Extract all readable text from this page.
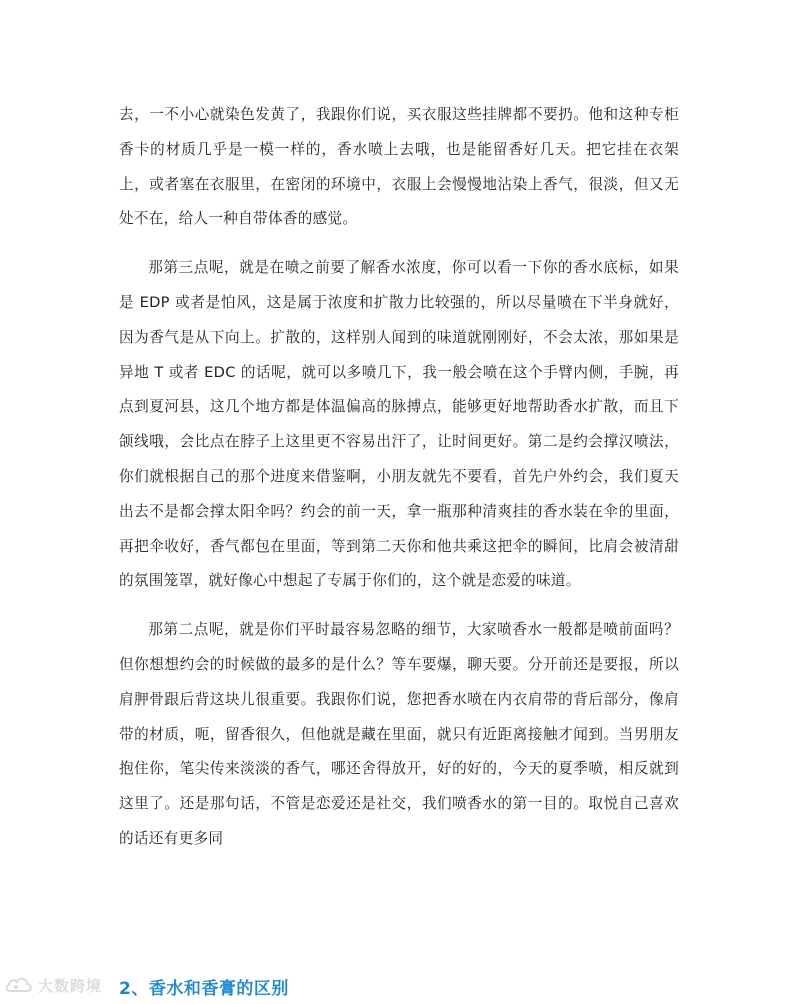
去，一不小心就染色发黄了，我跟你们说，买衣服这些挂牌都不要扔。他和这种专柜香卡的材质几乎是一模一样的，香水喷上去哦，也是能留香好几天。把它挂在衣架上，或者塞在衣服里，在密闭的环境中，衣服上会慢慢地沾染上香气，很淡，但又无处不在，给人一种自带体香的感觉。

那第三点呢，就是在喷之前要了解香水浓度，你可以看一下你的香水底标，如果是 EDP 或者是怕风，这是属于浓度和扩散力比较强的，所以尽量喷在下半身就好，因为香气是从下向上。扩散的，这样别人闻到的味道就刚刚好，不会太浓，那如果是异地 T 或者 EDC 的话呢，就可以多喷几下，我一般会喷在这个手臂内侧，手腕，再点到夏河县，这几个地方都是体温偏高的脉搏点，能够更好地帮助香水扩散，而且下颌线哦，会比点在脖子上这里更不容易出汗了，让时间更好。第二是约会撑汉喷法，你们就根据自己的那个进度来借鉴啊，小朋友就先不要看，首先户外约会，我们夏天出去不是都会撑太阳伞吗？约会的前一天，拿一瓶那种清爽挂的香水装在伞的里面，再把伞收好，香气都包在里面，等到第二天你和他共乘这把伞的瞬间，比肩会被清甜的氛围笼罩，就好像心中想起了专属于你们的，这个就是恋爱的味道。

那第二点呢，就是你们平时最容易忽略的细节，大家喷香水一般都是喷前面吗？但你想想约会的时候做的最多的是什么？等车要爆，聊天要。分开前还是要报，所以肩胛骨跟后背这块儿很重要。我跟你们说，您把香水喷在内衣肩带的背后部分，像肩带的材质，呃，留香很久，但他就是藏在里面，就只有近距离接触才闻到。当男朋友抱住你，笔尖传来淡淡的香气，哪还舍得放开，好的好的，今天的夏季喷，相反就到这里了。还是那句话，不管是恋爱还是社交，我们喷香水的第一目的。取悦自己喜欢的话还有更多同

大数跨境 2、香水和香膏的区别
